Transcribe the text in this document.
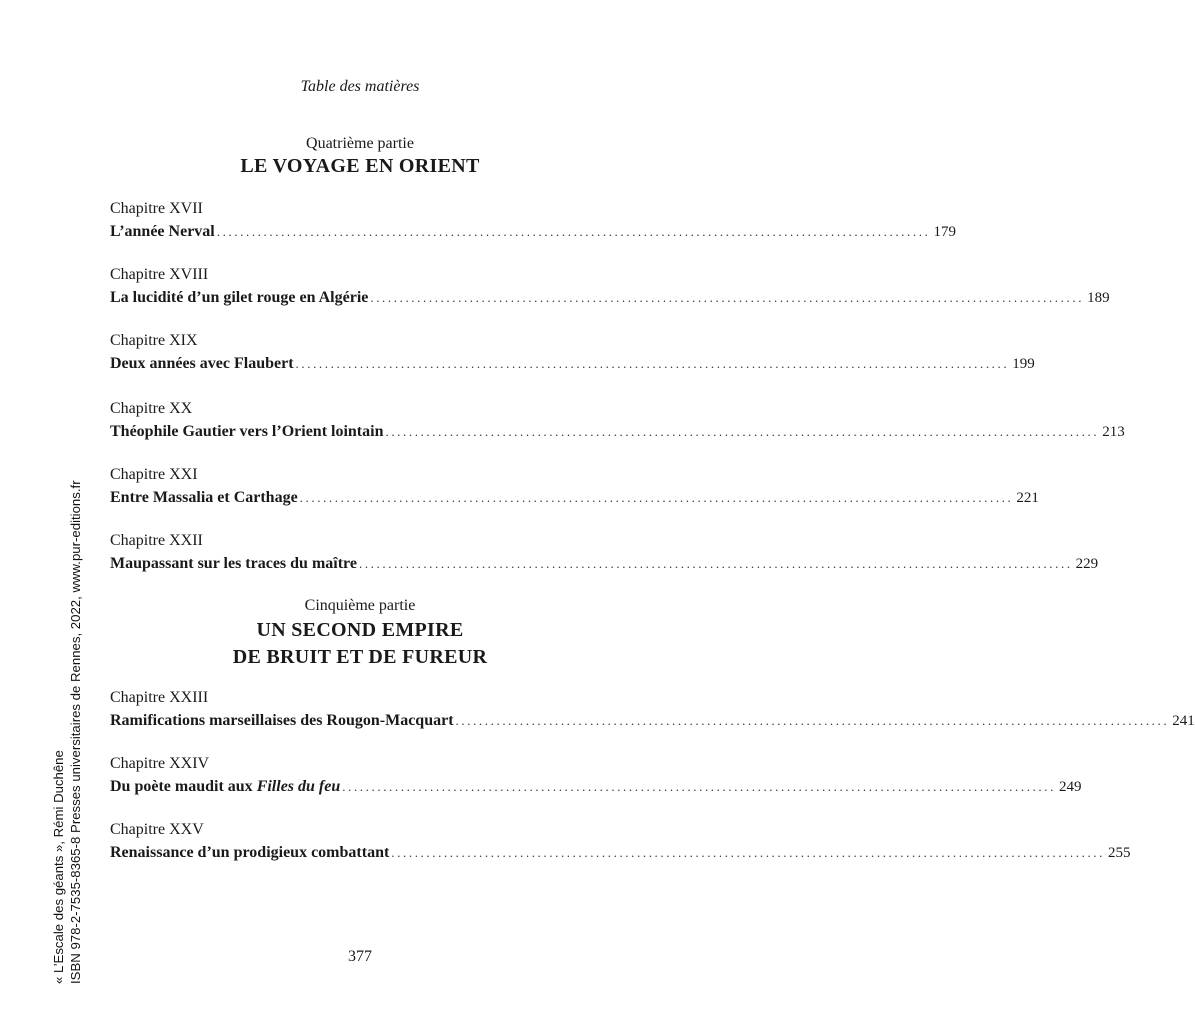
Table des matières
Quatrième partie
LE VOYAGE EN ORIENT
Chapitre XVII
L’année Nerval .......................................................................................................................... 179
Chapitre XVIII
La lucidité d’un gilet rouge en Algérie .......................................................................................................................... 189
Chapitre XIX
Deux années avec Flaubert .......................................................................................................................... 199
Chapitre XX
Théophile Gautier vers l’Orient lointain .......................................................................................................................... 213
Chapitre XXI
Entre Massalia et Carthage .......................................................................................................................... 221
Chapitre XXII
Maupassant sur les traces du maître .......................................................................................................................... 229
Cinquième partie
UN SECOND EMPIRE
DE BRUIT ET DE FUREUR
Chapitre XXIII
Ramifications marseillaises des Rougon-Macquart .......................................................................................................................... 241
Chapitre XXIV
Du poète maudit aux Filles du feu .......................................................................................................................... 249
Chapitre XXV
Renaissance d’un prodigieux combattant .......................................................................................................................... 255
377
« L’Escale des géants », Rémi Duchêne ISBN 978-2-7535-8365-8 Presses universitaires de Rennes, 2022, www.pur-editions.fr
